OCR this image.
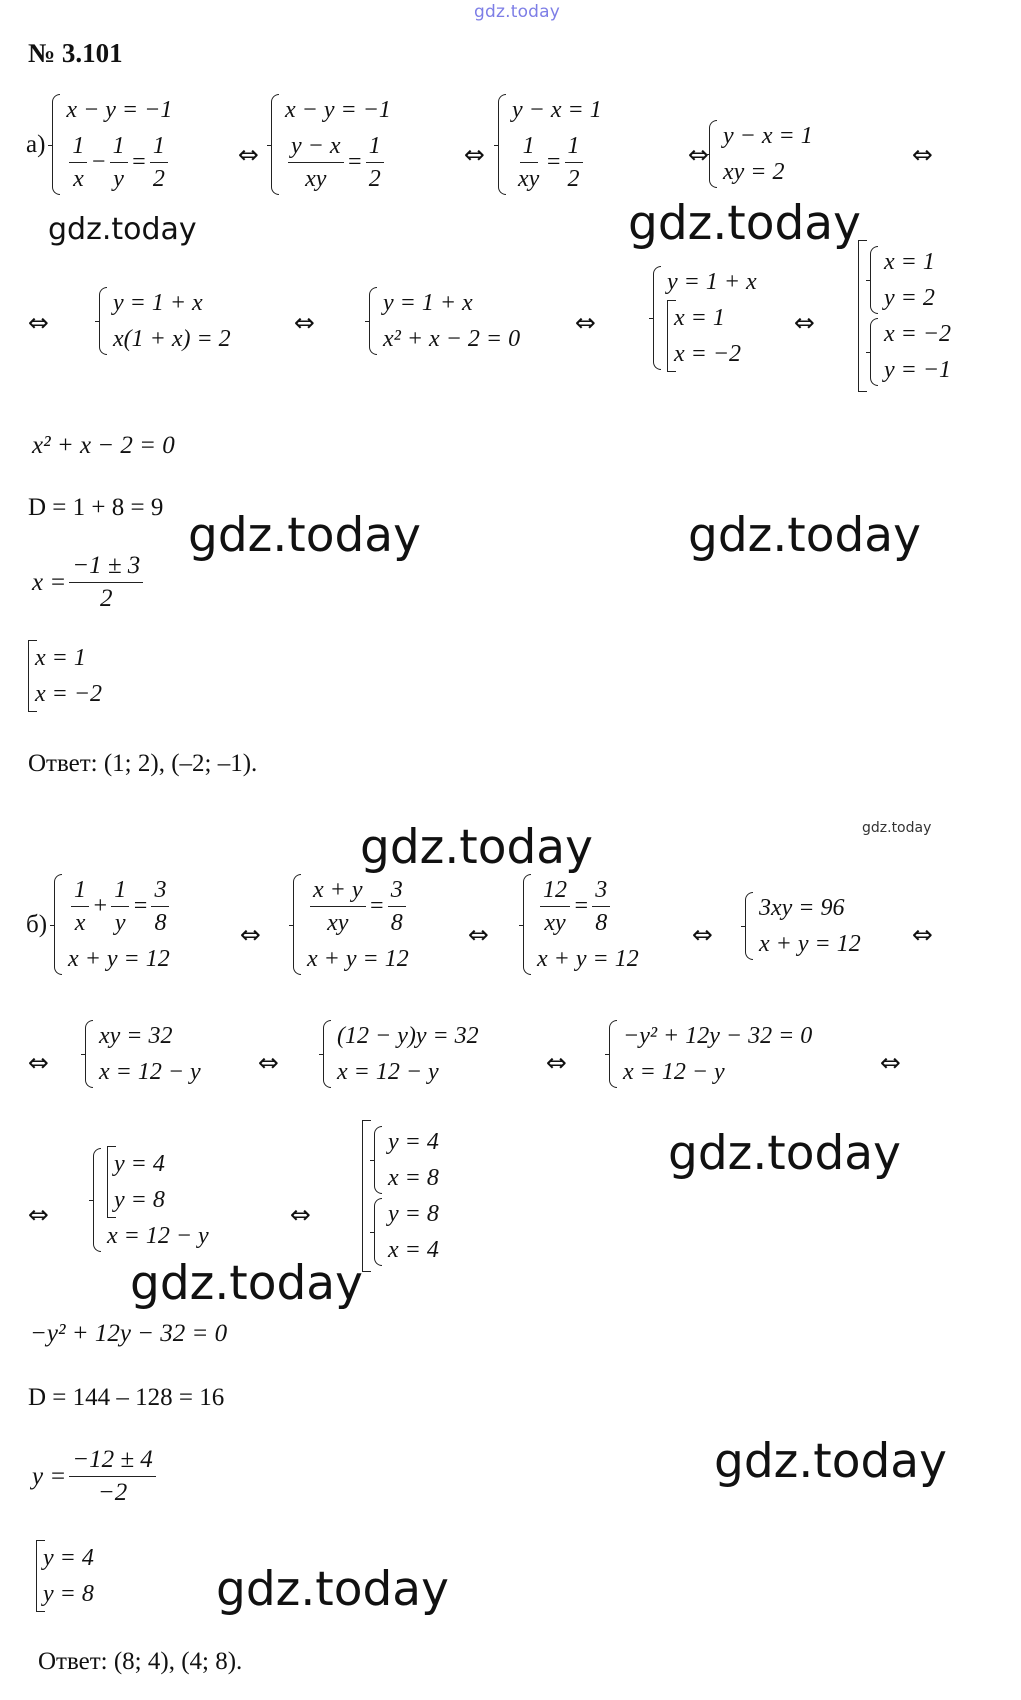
gdz.today
№ 3.101
а)
x − y = −1
$\frac{1}{x} - \frac{1}{y} = \frac{1}{2}$	⇔
x − y = −1
$\frac{y - x}{xy} = \frac{1}{2}$	⇔
y − x = 1
$\frac{1}{xy} = \frac{1}{2}$	⇔
y − x = 1
xy = 2
⇔
⇔
y = 1 + x
x(1 + x) = 2
⇔
y = 1 + x
x² + x − 2 = 0
⇔
y = 1 + x
x = 1
x = −2
⇔
x = 1
y = 2
x = −2
y = −1
x² + x − 2 = 0
D = 1 + 8 = 9
$x = \frac{-1 \pm 3}{2}$
x = 1
x = −2
Ответ: (1; 2), (–2; –1).
$б) \frac{1}{x} + \frac{1}{y} = \frac{3}{8}$
x + y = 12
⇔ $\frac{x + y}{xy} = \frac{3}{8}$
x + y = 12
⇔ $\frac{12}{xy} = \frac{3}{8}$
x + y = 12
⇔
3xy = 96
x + y = 12 ⇔
⇔
xy = 32
x = 12 − y ⇔
(12 − y)y = 32
x = 12 − y	⇔
−y² + 12y − 32 = 0
x = 12 − y	⇔
⇔
y = 4
y = 8
x = 12 − y
⇔
y = 4
x = 8
y = 8
x = 4
−y² + 12y − 32 = 0
D = 144 – 128 = 16
$y = \frac{-12 \pm 4}{-2}$
y = 4
y = 8
Ответ: (8; 4), (4; 8).
gdz.today	gdz.today
gdz.today	gdz.today
gdz.today	gdz.today
gdz.today
gdz.today
gdz.today
gdz.today
